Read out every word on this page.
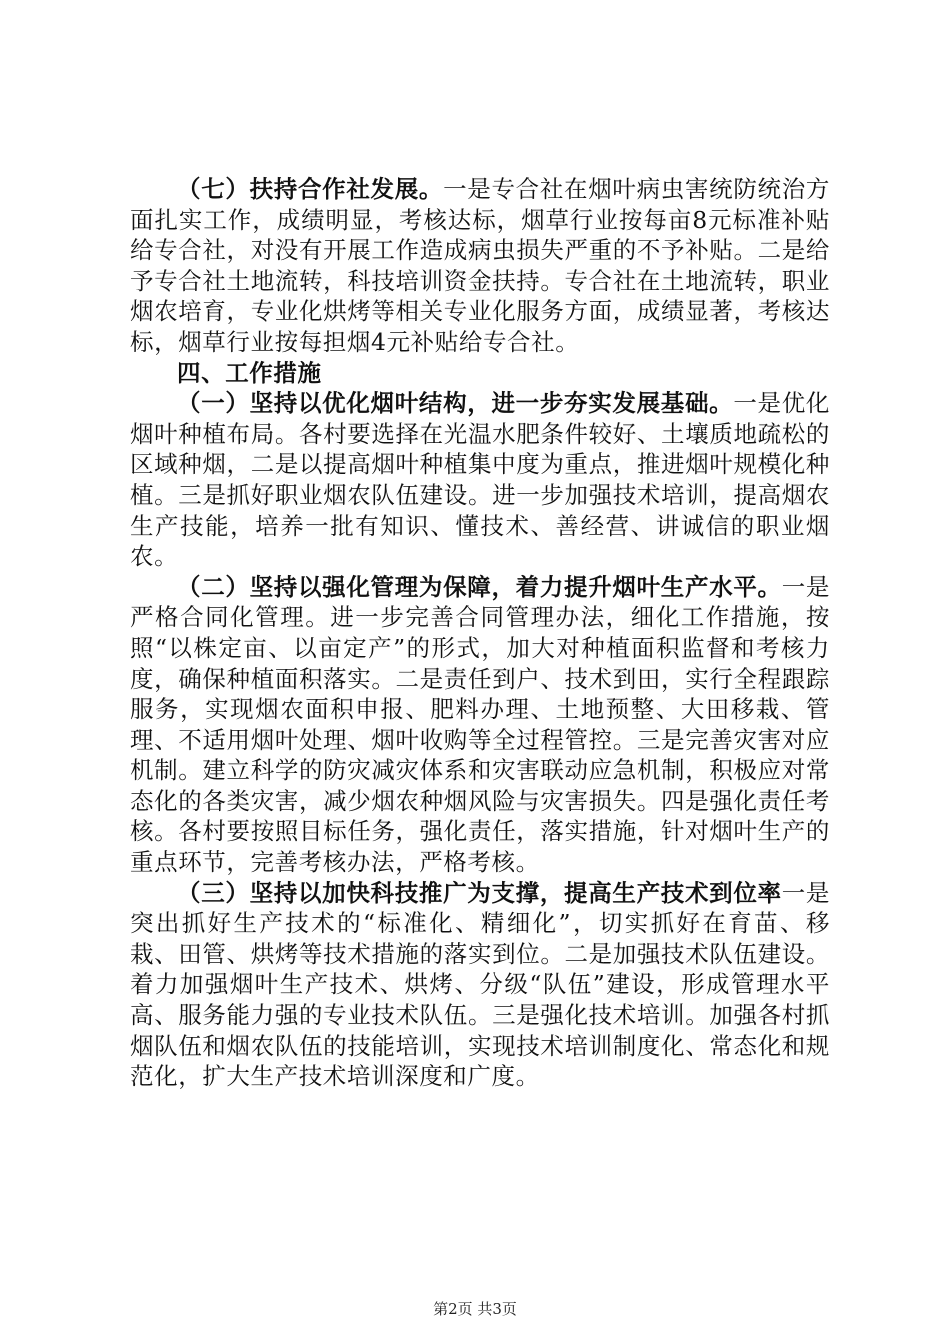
（七）扶持合作社发展。一是专合社在烟叶病虫害统防统治方面扎实工作，成绩明显，考核达标，烟草行业按每亩8元标准补贴给专合社，对没有开展工作造成病虫损失严重的不予补贴。二是给予专合社土地流转，科技培训资金扶持。专合社在土地流转，职业烟农培育，专业化烘烤等相关专业化服务方面，成绩显著，考核达标，烟草行业按每担烟4元补贴给专合社。

四、工作措施

（一）坚持以优化烟叶结构，进一步夯实发展基础。一是优化烟叶种植布局。各村要选择在光温水肥条件较好、土壤质地疏松的区域种烟，二是以提高烟叶种植集中度为重点，推进烟叶规模化种植。三是抓好职业烟农队伍建设。进一步加强技术培训，提高烟农生产技能，培养一批有知识、懂技术、善经营、讲诚信的职业烟农。

（二）坚持以强化管理为保障，着力提升烟叶生产水平。一是严格合同化管理。进一步完善合同管理办法，细化工作措施，按照“以株定亩、以亩定产”的形式，加大对种植面积监督和考核力度，确保种植面积落实。二是责任到户、技术到田，实行全程跟踪服务，实现烟农面积申报、肥料办理、土地预整、大田移栽、管理、不适用烟叶处理、烟叶收购等全过程管控。三是完善灾害对应机制。建立科学的防灾减灾体系和灾害联动应急机制，积极应对常态化的各类灾害，减少烟农种烟风险与灾害损失。四是强化责任考核。各村要按照目标任务，强化责任，落实措施，针对烟叶生产的重点环节，完善考核办法，严格考核。

（三）坚持以加快科技推广为支撑，提高生产技术到位率一是突出抓好生产技术的“标准化、精细化”，切实抓好在育苗、移栽、田管、烘烤等技术措施的落实到位。二是加强技术队伍建设。着力加强烟叶生产技术、烘烤、分级“队伍”建设，形成管理水平高、服务能力强的专业技术队伍。三是强化技术培训。加强各村抓烟队伍和烟农队伍的技能培训，实现技术培训制度化、常态化和规范化，扩大生产技术培训深度和广度。

第2页 共3页
